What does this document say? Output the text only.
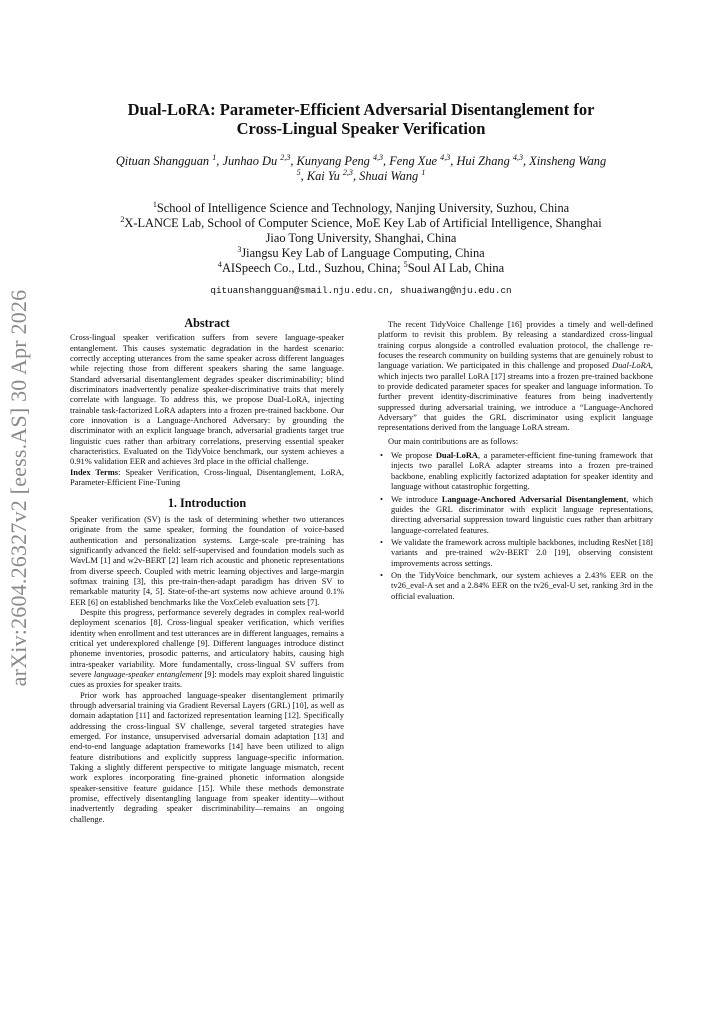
arXiv:2604.26327v2 [eess.AS] 30 Apr 2026
Dual-LoRA: Parameter-Efficient Adversarial Disentanglement for
Cross-Lingual Speaker Verification
Qituan Shangguan $^1$, Junhao Du $^{2,3}$, Kunyang Peng $^{4,3}$, Feng Xue $^{4,3}$, Hui Zhang $^{4,3}$, Xinsheng Wang
$^5$, Kai Yu $^{2,3}$, Shuai Wang $^1$
$^1$School of Intelligence Science and Technology, Nanjing University, Suzhou, China
$^2$X-LANCE Lab, School of Computer Science, MoE Key Lab of Artificial Intelligence, Shanghai
Jiao Tong University, Shanghai, China
$^3$Jiangsu Key Lab of Language Computing, China
$^4$AISpeech Co., Ltd., Suzhou, China; $^5$Soul AI Lab, China
qituanshangguan@smail.nju.edu.cn, shuaiwang@nju.edu.cn
Abstract

Cross-lingual speaker verification suffers from severe language-speaker entanglement. This causes systematic degradation in the hardest scenario: correctly accepting utterances from the same speaker across different languages while rejecting those from different speakers sharing the same language. Standard adversarial disentanglement degrades speaker discriminability; blind discriminators inadvertently penalize speaker-discriminative traits that merely correlate with language. To address this, we propose Dual-LoRA, injecting trainable task-factorized LoRA adapters into a frozen pre-trained backbone. Our core innovation is a Language-Anchored Adversary: by grounding the discriminator with an explicit language branch, adversarial gradients target true linguistic cues rather than arbitrary correlations, preserving essential speaker characteristics. Evaluated on the TidyVoice benchmark, our system achieves a 0.91% validation EER and achieves 3rd place in the official challenge.

Index Terms: Speaker Verification, Cross-lingual, Disentanglement, LoRA, Parameter-Efficient Fine-Tuning

1. Introduction

Speaker verification (SV) is the task of determining whether two utterances originate from the same speaker, forming the foundation of voice-based authentication and personalization systems. Large-scale pre-training has significantly advanced the field: self-supervised and foundation models such as WavLM [1] and w2v-BERT [2] learn rich acoustic and phonetic representations from diverse speech. Coupled with metric learning objectives and large-margin softmax training [3], this pre-train-then-adapt paradigm has driven SV to remarkable maturity [4, 5]. State-of-the-art systems now achieve around 0.1% EER [6] on established benchmarks like the VoxCeleb evaluation sets [7].

Despite this progress, performance severely degrades in complex real-world deployment scenarios [8]. Cross-lingual speaker verification, which verifies identity when enrollment and test utterances are in different languages, remains a critical yet underexplored challenge [9]. Different languages introduce distinct phoneme inventories, prosodic patterns, and articulatory habits, causing high intra-speaker variability. More fundamentally, cross-lingual SV suffers from severe language-speaker entanglement [9]: models may exploit shared linguistic cues as proxies for speaker traits.

Prior work has approached language-speaker disentanglement primarily through adversarial training via Gradient Reversal Layers (GRL) [10], as well as domain adaptation [11] and factorized representation learning [12]. Specifically addressing the cross-lingual SV challenge, several targeted strategies have emerged. For instance, unsupervised adversarial domain adaptation [13] and end-to-end language adaptation frameworks [14] have been utilized to align feature distributions and explicitly suppress language-specific information. Taking a slightly different perspective to mitigate language mismatch, recent work explores incorporating fine-grained phonetic information alongside speaker-sensitive feature guidance [15]. While these methods demonstrate promise, effectively disentangling language from speaker identity—without inadvertently degrading speaker discriminability—remains an ongoing challenge.

The recent TidyVoice Challenge [16] provides a timely and well-defined platform to revisit this problem. By releasing a standardized cross-lingual training corpus alongside a controlled evaluation protocol, the challenge re-focuses the research community on building systems that are genuinely robust to language variation. We participated in this challenge and proposed Dual-LoRA, which injects two parallel LoRA [17] streams into a frozen pre-trained backbone to provide dedicated parameter spaces for speaker and language information. To further prevent identity-discriminative features from being inadvertently suppressed during adversarial training, we introduce a “Language-Anchored Adversary” that guides the GRL discriminator using explicit language representations derived from the language LoRA stream.

Our main contributions are as follows:

• We propose Dual-LoRA, a parameter-efficient fine-tuning framework that injects two parallel LoRA adapter streams into a frozen pre-trained backbone, enabling explicitly factorized adaptation for speaker identity and language without catastrophic forgetting.
• We introduce Language-Anchored Adversarial Disentanglement, which guides the GRL discriminator with explicit language representations, directing adversarial suppression toward linguistic cues rather than arbitrary language-correlated features.
• We validate the framework across multiple backbones, including ResNet [18] variants and pre-trained w2v-BERT 2.0 [19], observing consistent improvements across settings.
• On the TidyVoice benchmark, our system achieves a 2.43% EER on the tv26_eval-A set and a 2.84% EER on the tv26_eval-U set, ranking 3rd in the official evaluation.
